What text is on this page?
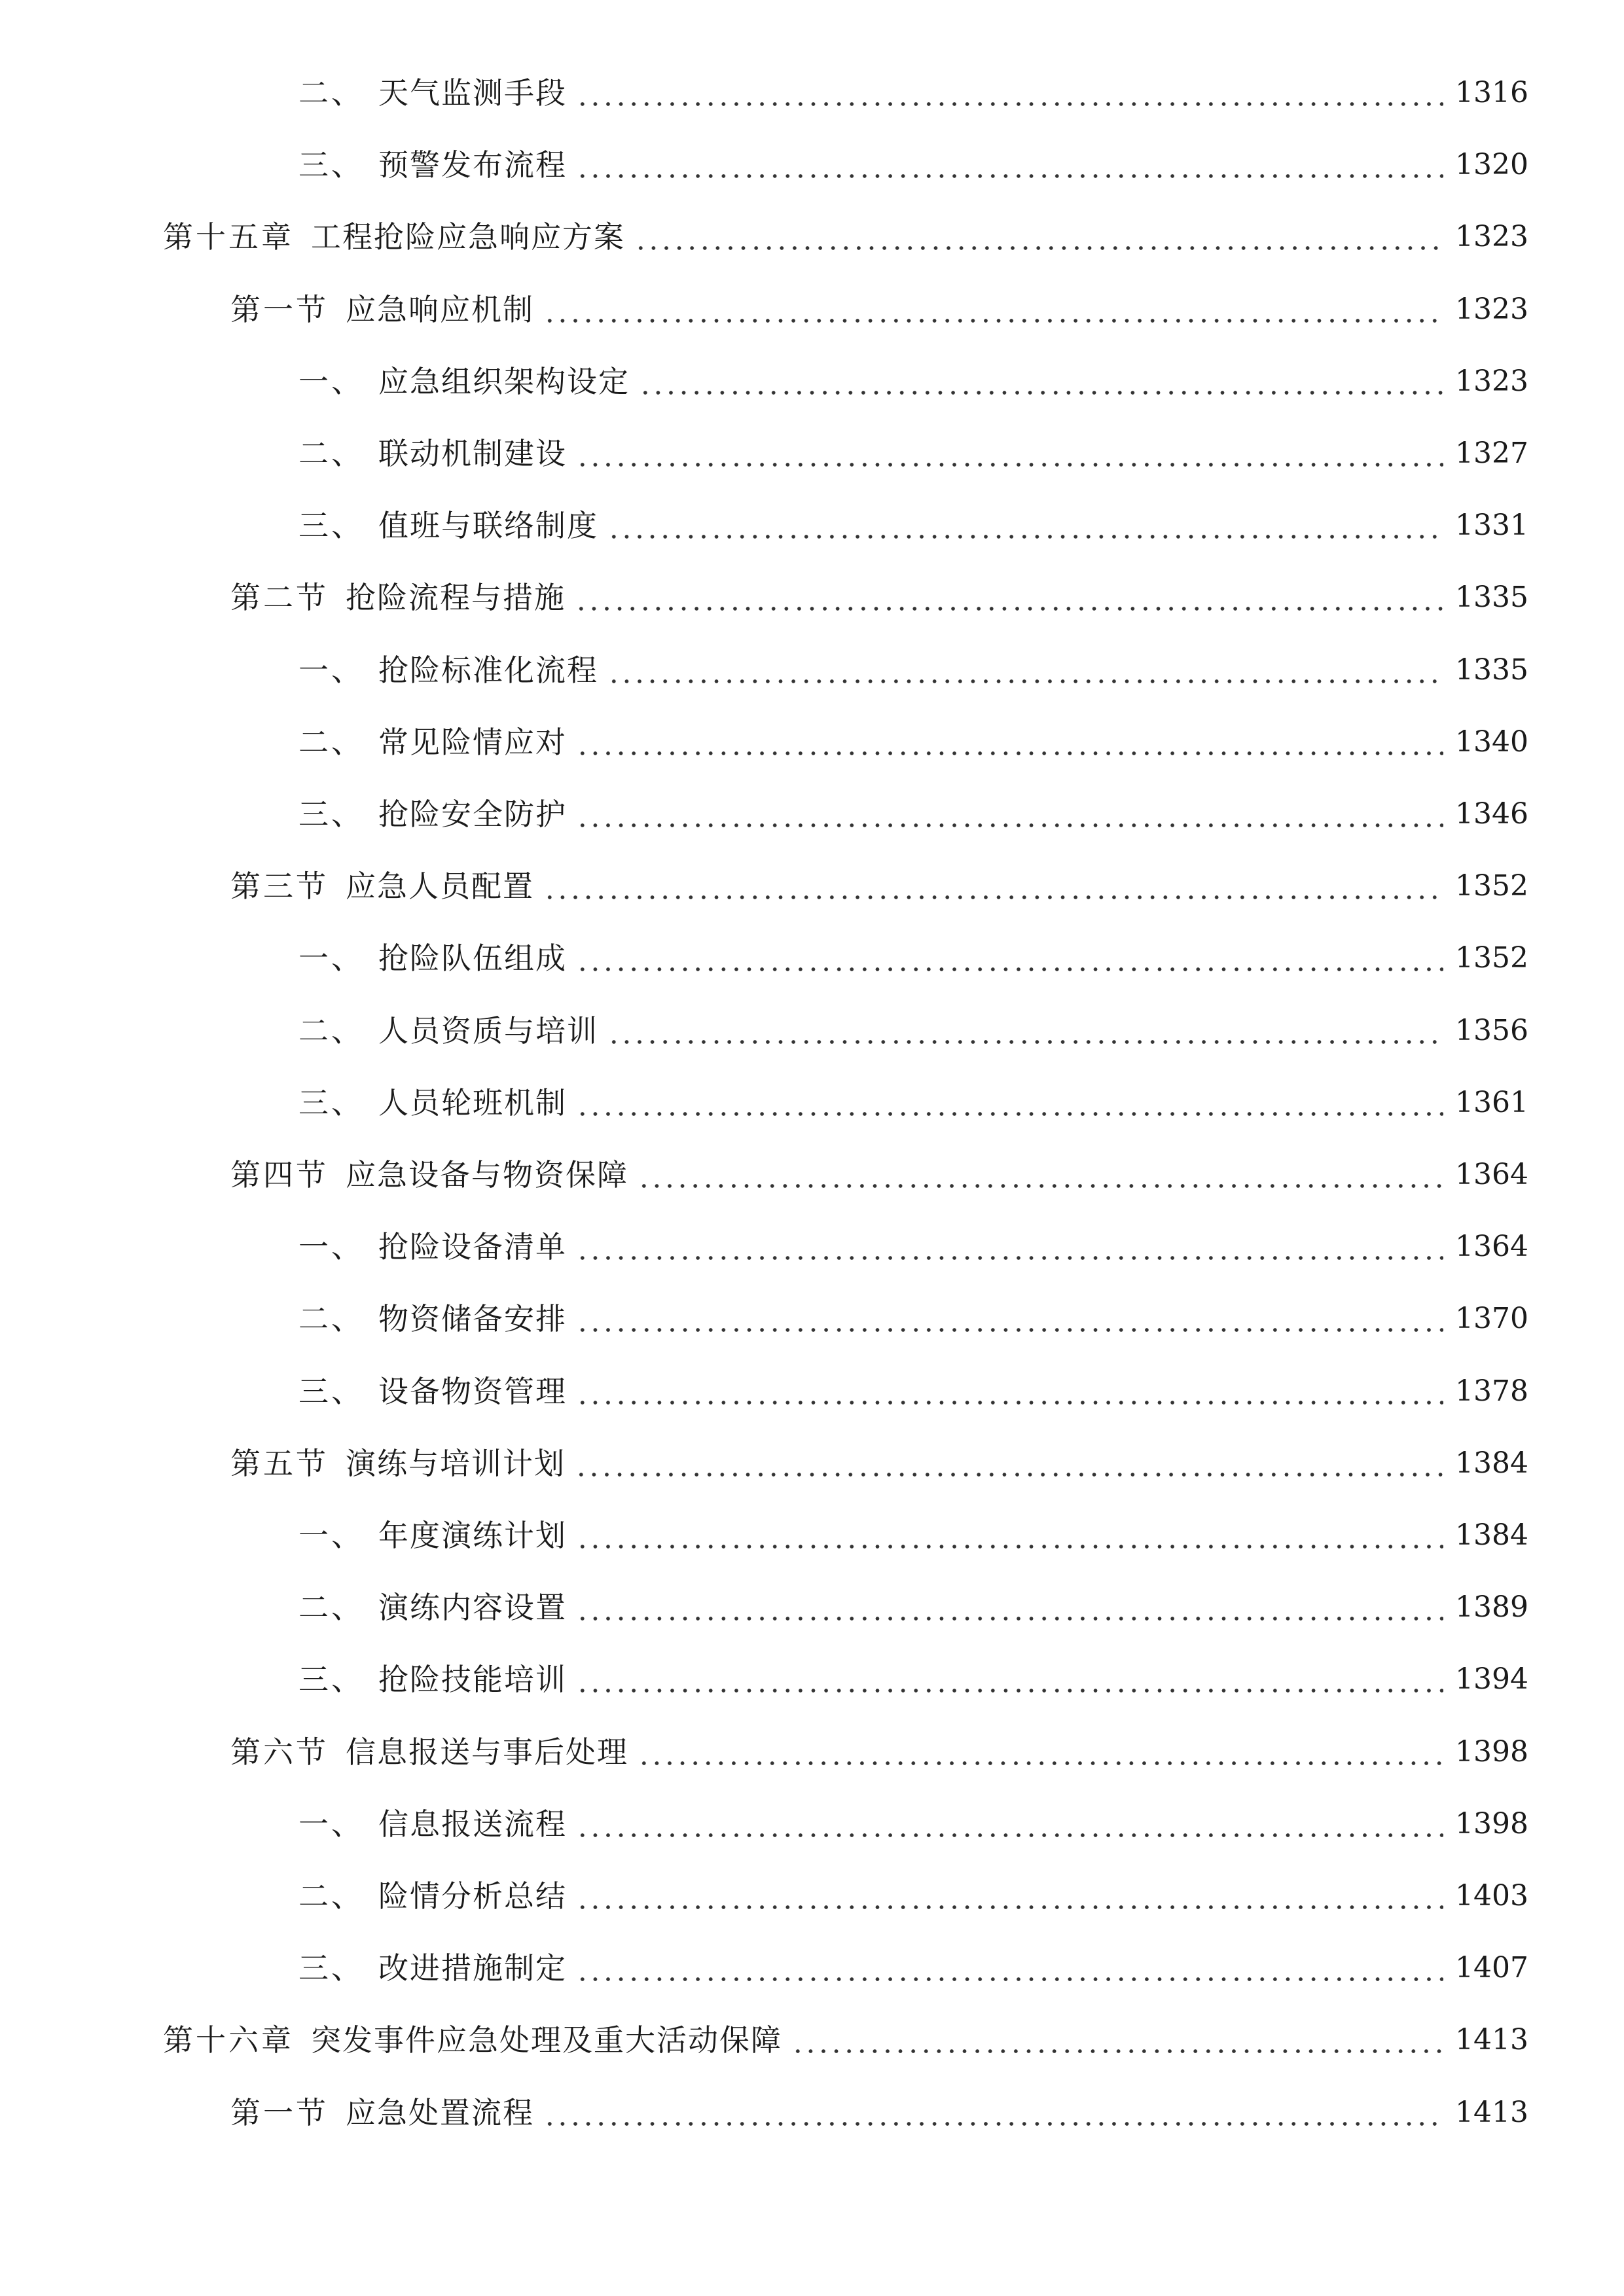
二、 天气监测手段	1316
三、 预警发布流程	1320
第十五章 工程抢险应急响应方案	1323
第一节 应急响应机制	1323
一、 应急组织架构设定	1323
二、 联动机制建设	1327
三、 值班与联络制度	1331
第二节 抢险流程与措施	1335
一、 抢险标准化流程	1335
二、 常见险情应对	1340
三、 抢险安全防护	1346
第三节 应急人员配置	1352
一、 抢险队伍组成	1352
二、 人员资质与培训	1356
三、 人员轮班机制	1361
第四节 应急设备与物资保障	1364
一、 抢险设备清单	1364
二、 物资储备安排	1370
三、 设备物资管理	1378
第五节 演练与培训计划	1384
一、 年度演练计划	1384
二、 演练内容设置	1389
三、 抢险技能培训	1394
第六节 信息报送与事后处理	1398
一、 信息报送流程	1398
二、 险情分析总结	1403
三、 改进措施制定	1407
第十六章 突发事件应急处理及重大活动保障	1413
第一节 应急处置流程	1413
